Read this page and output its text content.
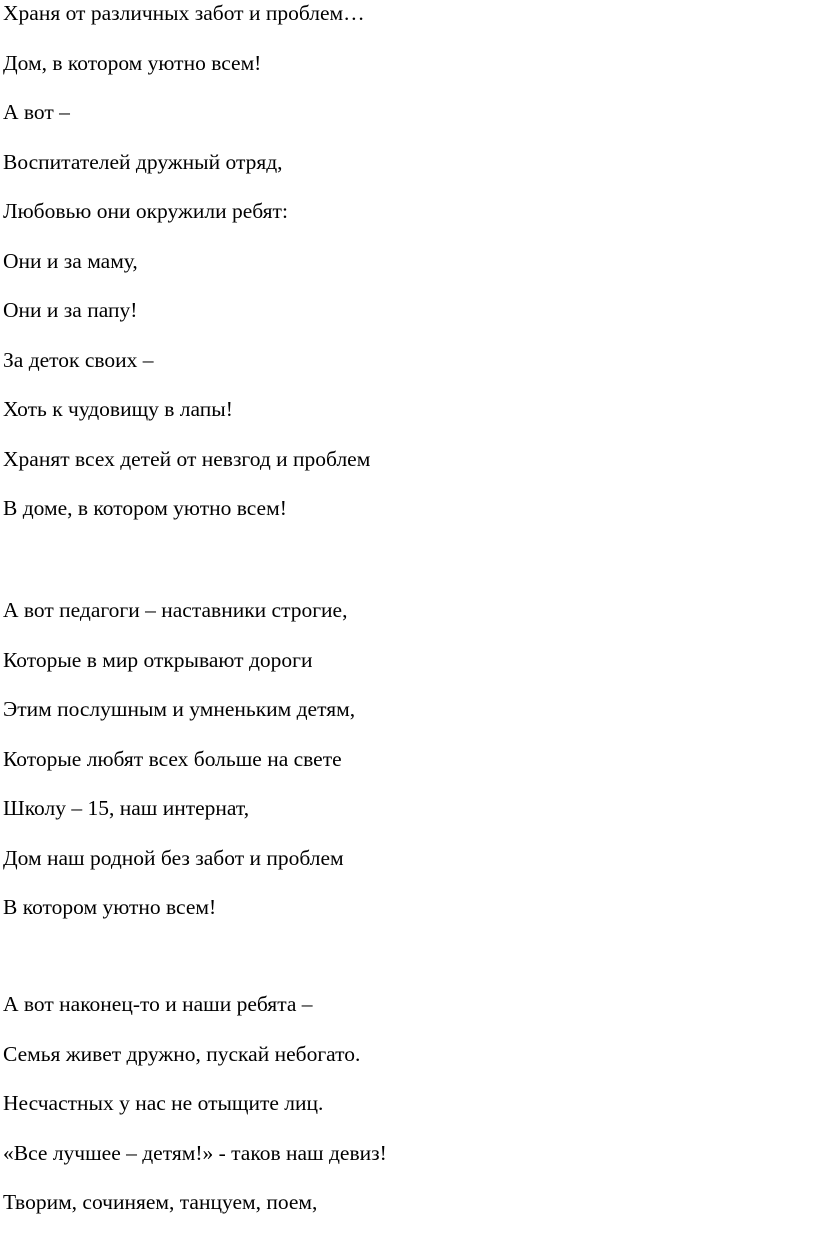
Храня от различных забот и проблем…
Дом, в котором уютно всем!
А вот –
Воспитателей дружный отряд,
Любовью они окружили ребят:
Они и за маму,
Они и за папу!
За деток своих –
Хоть к чудовищу в лапы!
Хранят всех детей от невзгод и проблем
В доме, в котором уютно всем!
А вот педагоги – наставники строгие,
Которые в мир открывают дороги
Этим послушным и умненьким детям,
Которые любят всех больше на свете
Школу – 15, наш интернат,
Дом наш родной без забот и проблем
В котором уютно всем!
А вот наконец-то и наши ребята –
Семья живет дружно, пускай небогато.
Несчастных у нас не отыщите лиц.
«Все лучшее – детям!» - таков наш девиз!
Творим, сочиняем, танцуем, поем,
